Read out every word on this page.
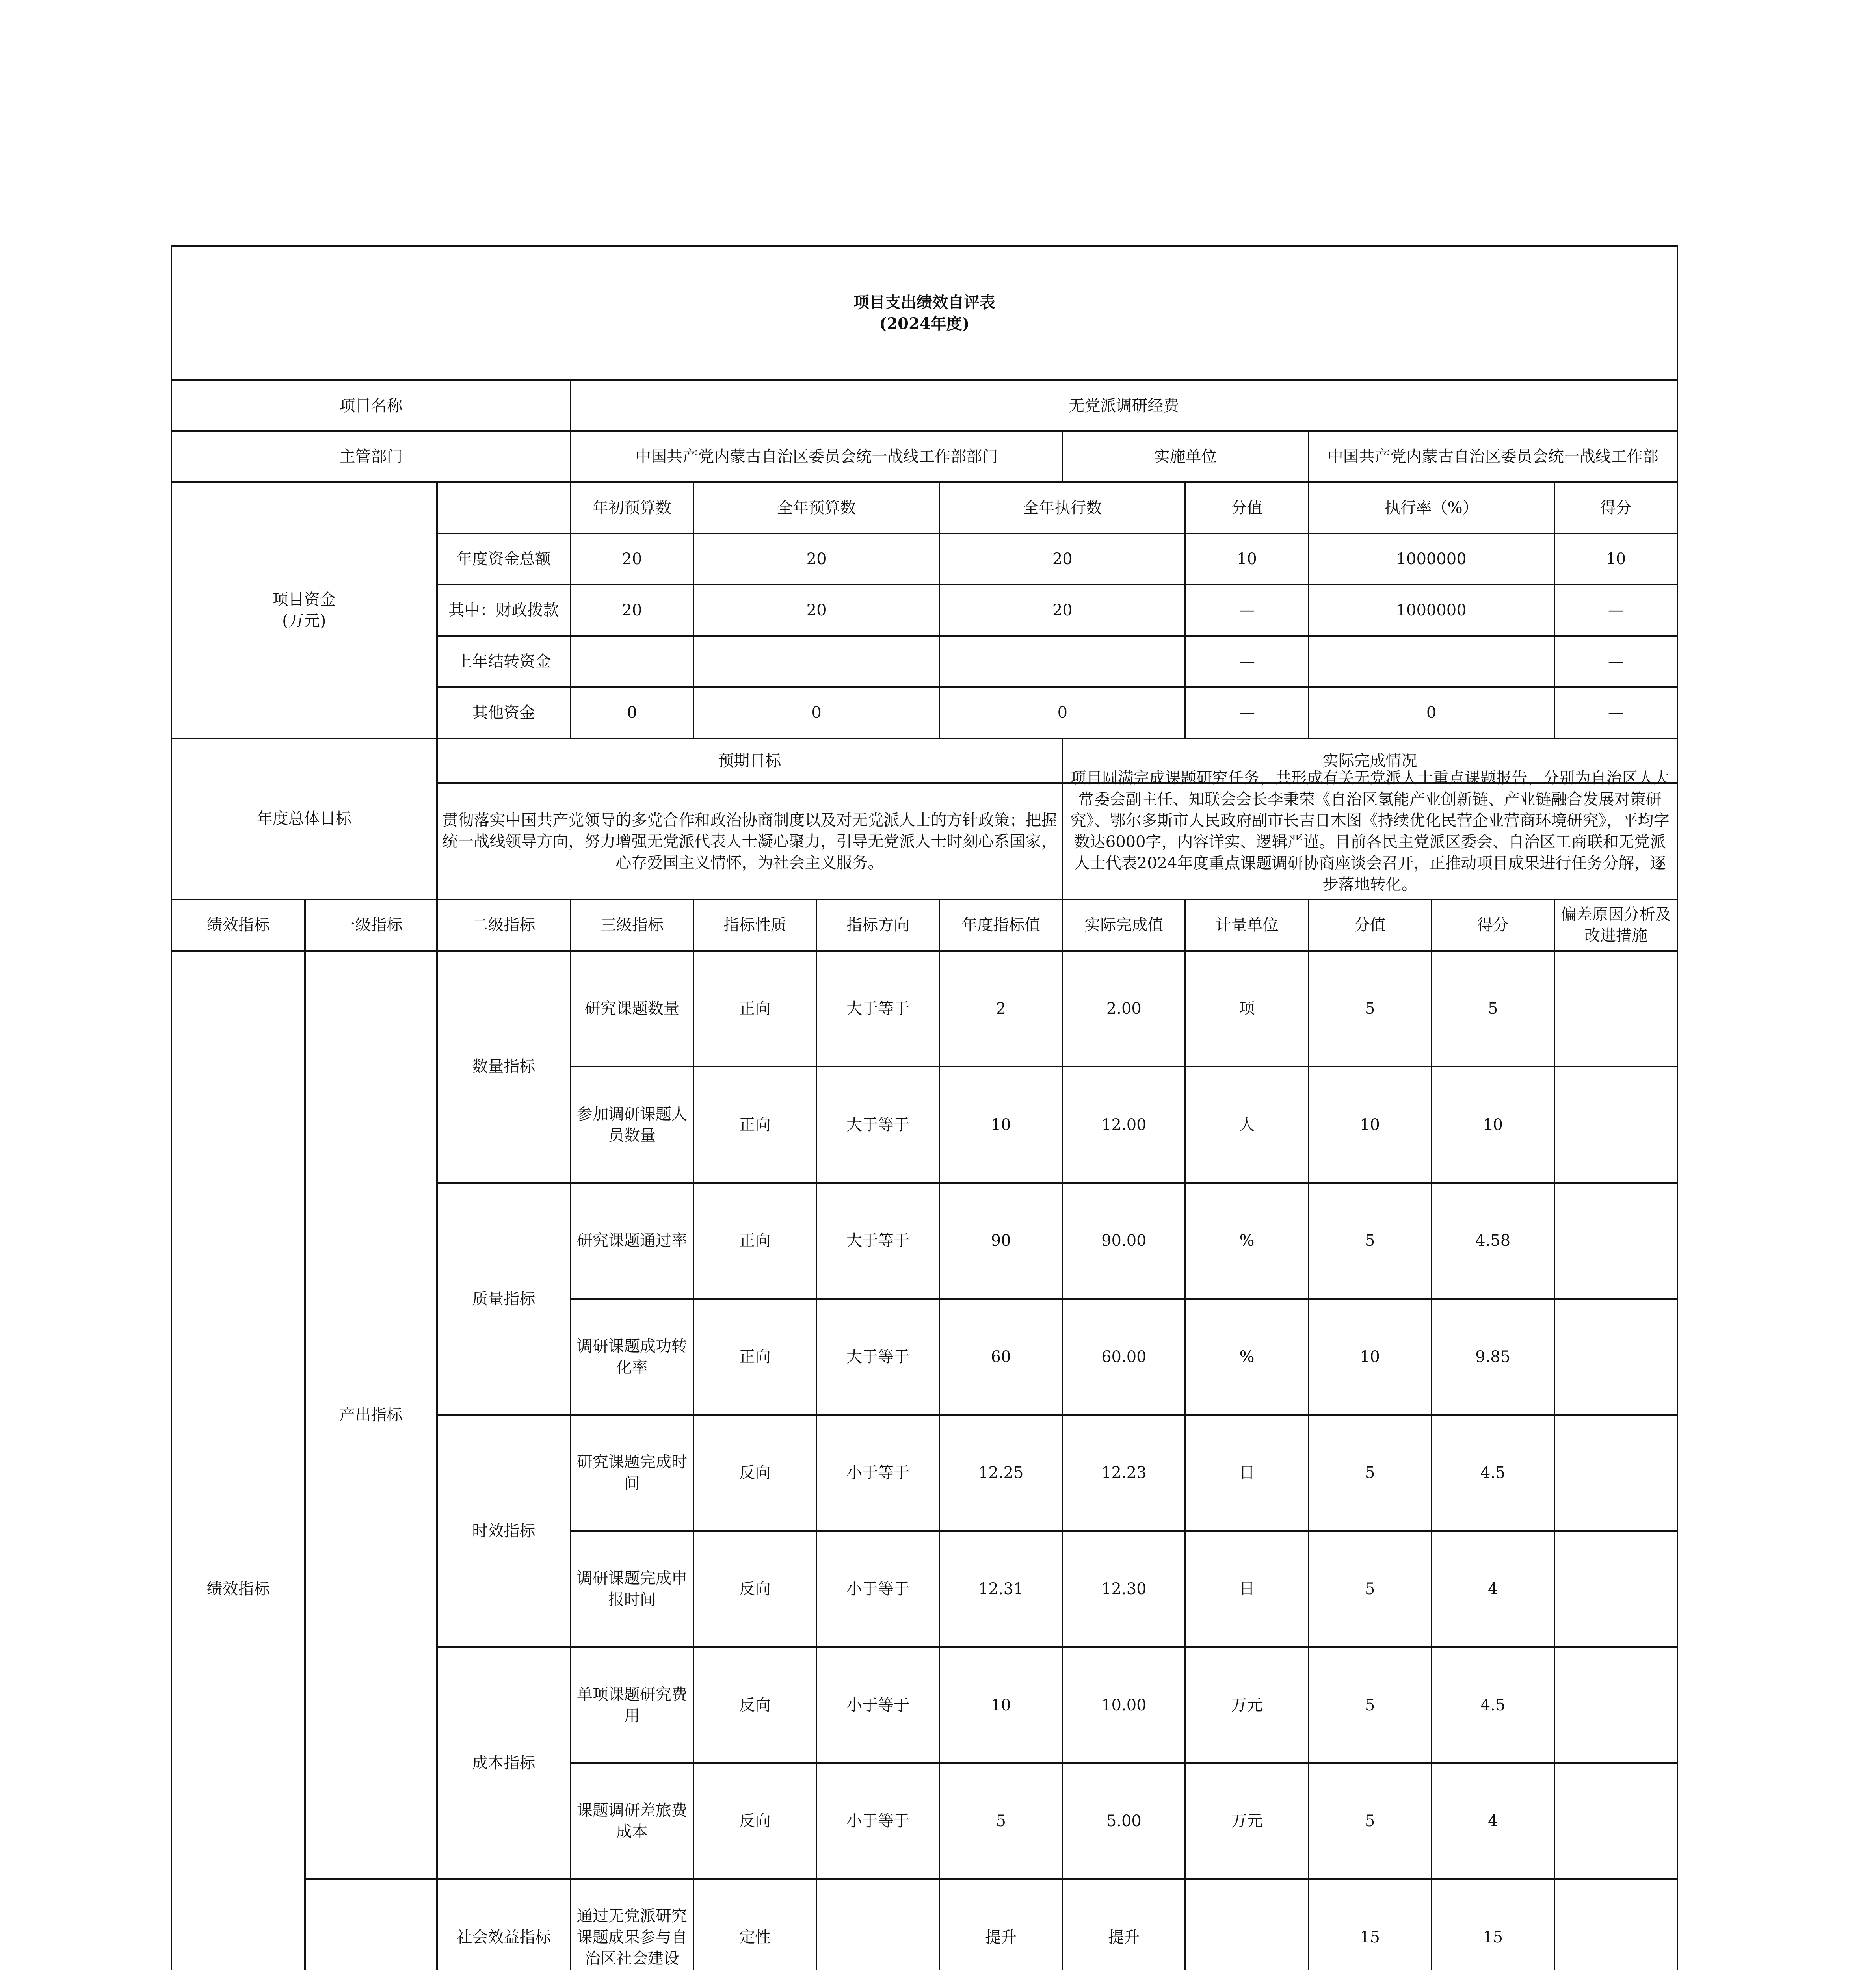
项目支出绩效自评表
(2024年度)											

项目名称			无党派调研经费								
主管部门			中国共产党内蒙古自治区委员会统一战线工作部部门				实施单位		中国共产党内蒙古自治区委员会统一战线工作部		

项目资金
(万元)			年初预算数	全年预算数		全年执行数		分值	执行率（%）		得分
		年度资金总额	20	20		20		10	1000000		10
		其中：财政拨款	20	20		20		—	1000000		—
		上年结转资金						—			—
		其他资金	0	0		0		—	0		—
年度总体目标		预期目标					实际完成情况				
		贯彻落实中国共产党领导的多党合作和政治协商制度以及对无党派人士的方针政策；把握统一战线领导方向，努力增强无党派代表人士凝心聚力，引导无党派人士时刻心系国家，心存爱国主义情怀，为社会主义服务。					项目圆满完成课题研究任务，共形成有关无党派人士重点课题报告，分别为自治区人大常委会副主任、知联会会长李秉荣《自治区氢能产业创新链、产业链融合发展对策研究》、鄂尔多斯市人民政府副市长吉日木图《持续优化民营企业营商环境研究》，平均字数达6000字，内容详实、逻辑严谨。目前各民主党派区委会、自治区工商联和无党派人士代表2024年度重点课题调研协商座谈会召开，正推动项目成果进行任务分解，逐步落地转化。				

绩效指标	一级指标	二级指标	三级指标	指标性质	指标方向	年度指标值	实际完成值	计量单位	分值	得分	偏差原因分析及改进措施
绩效指标	产出指标	数量指标	研究课题数量	正向	大于等于	2	2.00	项	5	5	
			参加调研课题人员数量	正向	大于等于	10	12.00	人	10	10	
		质量指标	研究课题通过率	正向	大于等于	90	90.00	%	5	4.58	
			调研课题成功转化率	正向	大于等于	60	60.00	%	10	9.85	
		时效指标	研究课题完成时间	反向	小于等于	12.25	12.23	日	5	4.5	
			调研课题完成申报时间	反向	小于等于	12.31	12.30	日	5	4	
		成本指标	单项课题研究费用	反向	小于等于	10	10.00	万元	5	4.5	
			课题调研差旅费成本	反向	小于等于	5	5.00	万元	5	4	
	社会效益指标	通过无党派研究课题成果参与自治区社会建设	定性		提升	提升		15	15	
